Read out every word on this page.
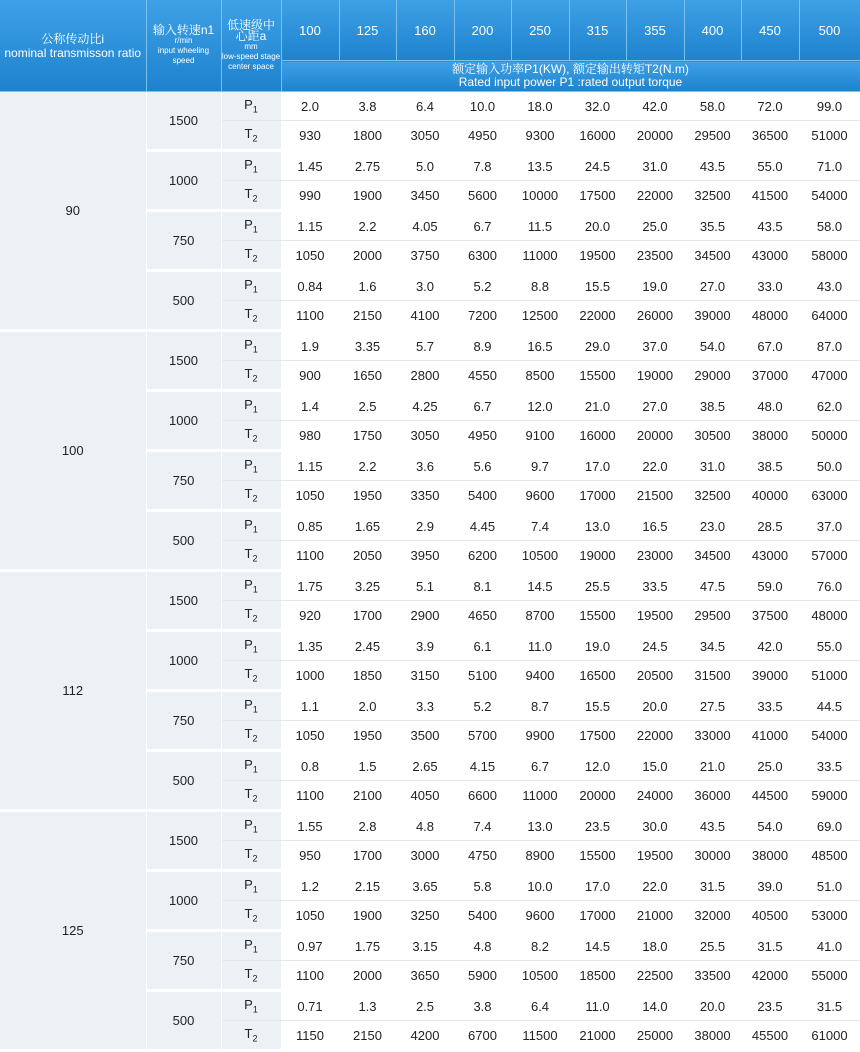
公称传动比i
nominal transmisson ratio	输入转速n1
r/min
input wheeling speed	低速级中心距a
mm
low-speed stage center space	100	125	160	200	250	315	355	400	450	500

			额定输入功率P1(KW), 额定输出转矩T2(N.m)
Rated input power P1 :rated output torque									

90	1500	$P_1$	2.0	3.8	6.4	10.0	18.0	32.0	42.0	58.0	72.0	99.0
		$T_2$	930	1800	3050	4950	9300	16000	20000	29500	36500	51000
	1000	$P_1$	1.45	2.75	5.0	7.8	13.5	24.5	31.0	43.5	55.0	71.0
		$T_2$	990	1900	3450	5600	10000	17500	22000	32500	41500	54000
	750	$P_1$	1.15	2.2	4.05	6.7	11.5	20.0	25.0	35.5	43.5	58.0
		$T_2$	1050	2000	3750	6300	11000	19500	23500	34500	43000	58000
	500	$P_1$	0.84	1.6	3.0	5.2	8.8	15.5	19.0	27.0	33.0	43.0
		$T_2$	1100	2150	4100	7200	12500	22000	26000	39000	48000	64000
100	1500	$P_1$	1.9	3.35	5.7	8.9	16.5	29.0	37.0	54.0	67.0	87.0
		$T_2$	900	1650	2800	4550	8500	15500	19000	29000	37000	47000
	1000	$P_1$	1.4	2.5	4.25	6.7	12.0	21.0	27.0	38.5	48.0	62.0
		$T_2$	980	1750	3050	4950	9100	16000	20000	30500	38000	50000
	750	$P_1$	1.15	2.2	3.6	5.6	9.7	17.0	22.0	31.0	38.5	50.0
		$T_2$	1050	1950	3350	5400	9600	17000	21500	32500	40000	63000
	500	$P_1$	0.85	1.65	2.9	4.45	7.4	13.0	16.5	23.0	28.5	37.0
		$T_2$	1100	2050	3950	6200	10500	19000	23000	34500	43000	57000
112	1500	$P_1$	1.75	3.25	5.1	8.1	14.5	25.5	33.5	47.5	59.0	76.0
		$T_2$	920	1700	2900	4650	8700	15500	19500	29500	37500	48000
	1000	$P_1$	1.35	2.45	3.9	6.1	11.0	19.0	24.5	34.5	42.0	55.0
		$T_2$	1000	1850	3150	5100	9400	16500	20500	31500	39000	51000
	750	$P_1$	1.1	2.0	3.3	5.2	8.7	15.5	20.0	27.5	33.5	44.5
		$T_2$	1050	1950	3500	5700	9900	17500	22000	33000	41000	54000
	500	$P_1$	0.8	1.5	2.65	4.15	6.7	12.0	15.0	21.0	25.0	33.5
		$T_2$	1100	2100	4050	6600	11000	20000	24000	36000	44500	59000
125	1500	$P_1$	1.55	2.8	4.8	7.4	13.0	23.5	30.0	43.5	54.0	69.0
		$T_2$	950	1700	3000	4750	8900	15500	19500	30000	38000	48500
	1000	$P_1$	1.2	2.15	3.65	5.8	10.0	17.0	22.0	31.5	39.0	51.0
		$T_2$	1050	1900	3250	5400	9600	17000	21000	32000	40500	53000
	750	$P_1$	0.97	1.75	3.15	4.8	8.2	14.5	18.0	25.5	31.5	41.0
		$T_2$	1100	2000	3650	5900	10500	18500	22500	33500	42000	55000
	500	$P_1$	0.71	1.3	2.5	3.8	6.4	11.0	14.0	20.0	23.5	31.5
		$T_2$	1150	2150	4200	6700	11500	21000	25000	38000	45500	61000
